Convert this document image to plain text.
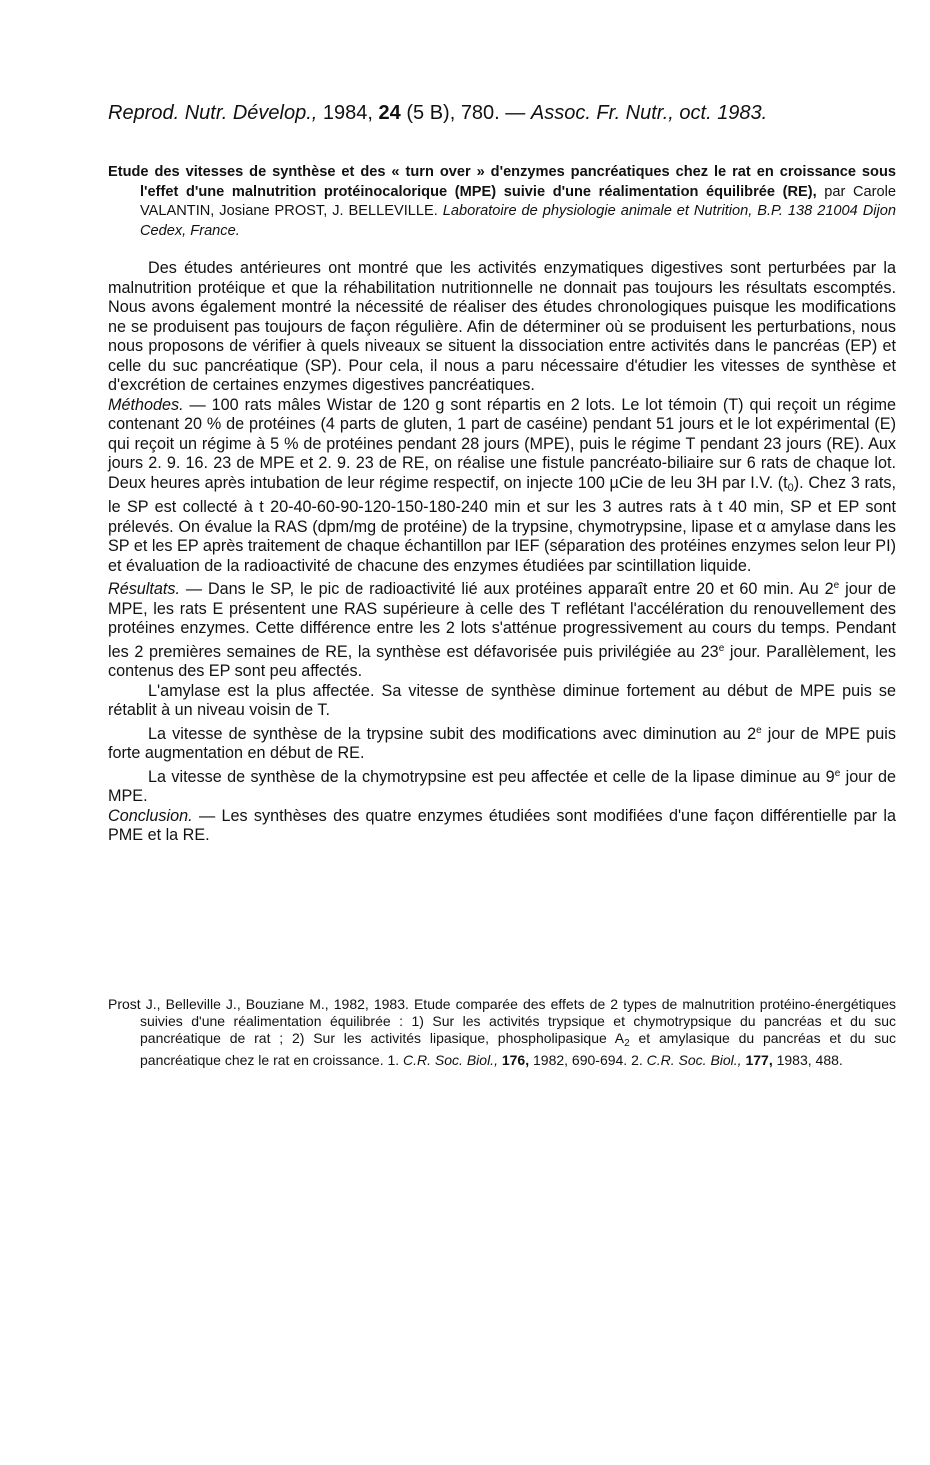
Reprod. Nutr. Dévelop., 1984, 24 (5 B), 780. — Assoc. Fr. Nutr., oct. 1983.
Etude des vitesses de synthèse et des « turn over » d'enzymes pancréatiques chez le rat en croissance sous l'effet d'une malnutrition protéinocalorique (MPE) suivie d'une réalimentation équilibrée (RE), par Carole VALANTIN, Josiane PROST, J. BELLEVILLE. Laboratoire de physiologie animale et Nutrition, B.P. 138 21004 Dijon Cedex, France.

Des études antérieures ont montré que les activités enzymatiques digestives sont perturbées par la malnutrition protéique et que la réhabilitation nutritionnelle ne donnait pas toujours les résultats escomptés. Nous avons également montré la nécessité de réaliser des études chronologiques puisque les modifications ne se produisent pas toujours de façon régulière. Afin de déterminer où se produisent les perturbations, nous nous proposons de vérifier à quels niveaux se situent la dissociation entre activités dans le pancréas (EP) et celle du suc pancréatique (SP). Pour cela, il nous a paru nécessaire d'étudier les vitesses de synthèse et d'excrétion de certaines enzymes digestives pancréatiques.

Méthodes. — 100 rats mâles Wistar de 120 g sont répartis en 2 lots. Le lot témoin (T) qui reçoit un régime contenant 20 % de protéines (4 parts de gluten, 1 part de caséine) pendant 51 jours et le lot expérimental (E) qui reçoit un régime à 5 % de protéines pendant 28 jours (MPE), puis le régime T pendant 23 jours (RE). Aux jours 2. 9. 16. 23 de MPE et 2. 9. 23 de RE, on réalise une fistule pancréato-biliaire sur 6 rats de chaque lot. Deux heures après intubation de leur régime respectif, on injecte 100 µCie de leu 3H par I.V. $(t_0)$. Chez 3 rats, le SP est collecté à t 20-40-60-90-120-150-180-240 min et sur les 3 autres rats à t 40 min, SP et EP sont prélevés. On évalue la RAS (dpm/mg de protéine) de la trypsine, chymotrypsine, lipase et α amylase dans les SP et les EP après traitement de chaque échantillon par IEF (séparation des protéines enzymes selon leur PI) et évaluation de la radioactivité de chacune des enzymes étudiées par scintillation liquide.

Résultats. — Dans le SP, le pic de radioactivité lié aux protéines apparaît entre 20 et 60 min. Au 2e jour de MPE, les rats E présentent une RAS supérieure à celle des T reflétant l'accélération du renouvellement des protéines enzymes. Cette différence entre les 2 lots s'atténue progressivement au cours du temps. Pendant les 2 premières semaines de RE, la synthèse est défavorisée puis privilégiée au 23e jour. Parallèlement, les contenus des EP sont peu affectés.

L'amylase est la plus affectée. Sa vitesse de synthèse diminue fortement au début de MPE puis se rétablit à un niveau voisin de T.

La vitesse de synthèse de la trypsine subit des modifications avec diminution au 2e jour de MPE puis forte augmentation en début de RE.

La vitesse de synthèse de la chymotrypsine est peu affectée et celle de la lipase diminue au 9e jour de MPE.

Conclusion. — Les synthèses des quatre enzymes étudiées sont modifiées d'une façon différentielle par la PME et la RE.

Prost J., Belleville J., Bouziane M., 1982, 1983. Etude comparée des effets de 2 types de malnutrition protéino-énergétiques suivies d'une réalimentation équilibrée : 1) Sur les activités trypsique et chymotrypsique du pancréas et du suc pancréatique de rat ; 2) Sur les activités lipasique, phospholipasique $A_2$ et amylasique du pancréas et du suc pancréatique chez le rat en croissance. 1. C.R. Soc. Biol., 176, 1982, 690-694. 2. C.R. Soc. Biol., 177, 1983, 488.
